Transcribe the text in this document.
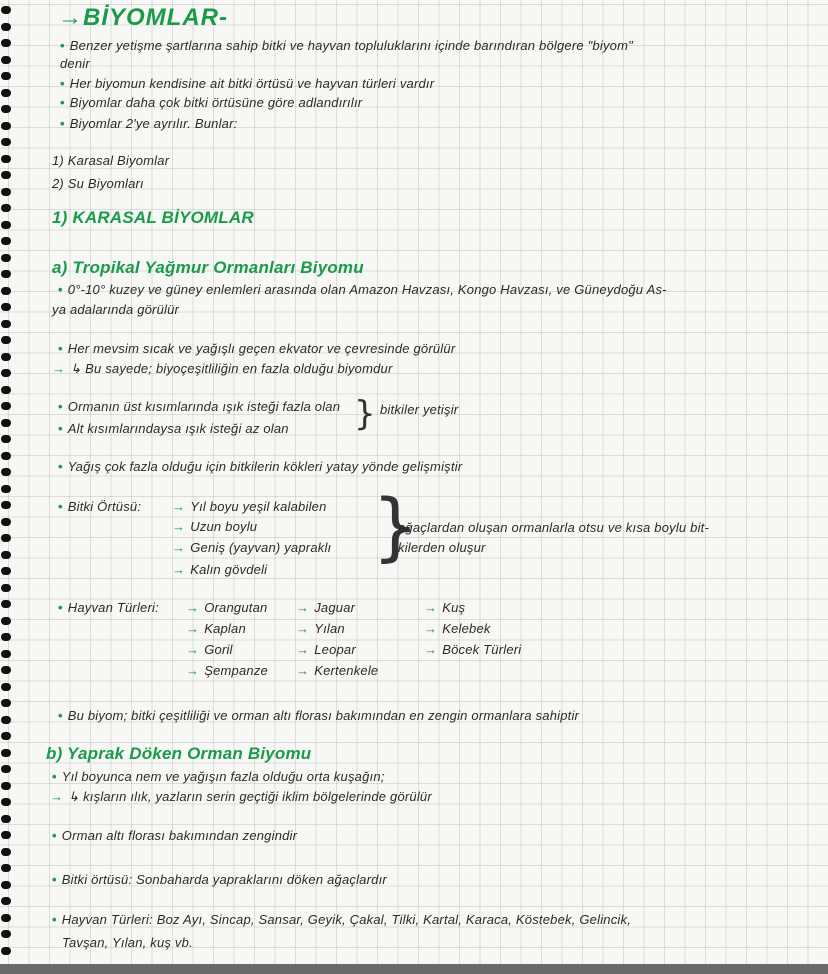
→BİYOMLAR-
• Benzer yetişme şartlarına sahip bitki ve hayvan topluluklarını içinde barındıran bölgere "biyom"
denir
• Her biyomun kendisine ait bitki örtüsü ve hayvan türleri vardır
• Biyomlar daha çok bitki örtüsüne göre adlandırılır
• Biyomlar 2'ye ayrılır. Bunlar:
1) Karasal Biyomlar
2) Su Biyomları
1) KARASAL BİYOMLAR
a) Tropikal Yağmur Ormanları Biyomu
• 0°-10° kuzey ve güney enlemleri arasında olan Amazon Havzası, Kongo Havzası, ve Güneydoğu As-
ya adalarında görülür
• Her mevsim sıcak ve yağışlı geçen ekvator ve çevresinde görülür
→ ↳ Bu sayede; biyoçeşitliliğin en fazla olduğu biyomdur
• Ormanın üst kısımlarında ışık isteği fazla olan
• Alt kısımlarındaysa ışık isteği az olan } bitkiler yetişir
• Yağış çok fazla olduğu için bitkilerin kökleri yatay yönde gelişmiştir
• Bitki Örtüsü: → Yıl boyu yeşil kalabilen
→ Uzun boylu
→ Geniş (yayvan) yapraklı
→ Kalın gövdeli }
ağaçlardan oluşan ormanlarla otsu ve kısa boylu bit-
kilerden oluşur
• Hayvan Türleri: → Orangutan
→ Kaplan
→ Goril
→ Şempanze
→ Jaguar
→ Yılan
→ Leopar
→ Kertenkele
→ Kuş
→ Kelebek
→ Böcek Türleri
• Bu biyom; bitki çeşitliliği ve orman altı florası bakımından en zengin ormanlara sahiptir
b) Yaprak Döken Orman Biyomu
• Yıl boyunca nem ve yağışın fazla olduğu orta kuşağın;
→ ↳ kışların ılık, yazların serin geçtiği iklim bölgelerinde görülür
• Orman altı florası bakımından zengindir
• Bitki örtüsü: Sonbaharda yapraklarını döken ağaçlardır
• Hayvan Türleri: Boz Ayı, Sincap, Sansar, Geyik, Çakal, Tilki, Kartal, Karaca, Köstebek, Gelincik,
Tavşan, Yılan, kuş vb.
